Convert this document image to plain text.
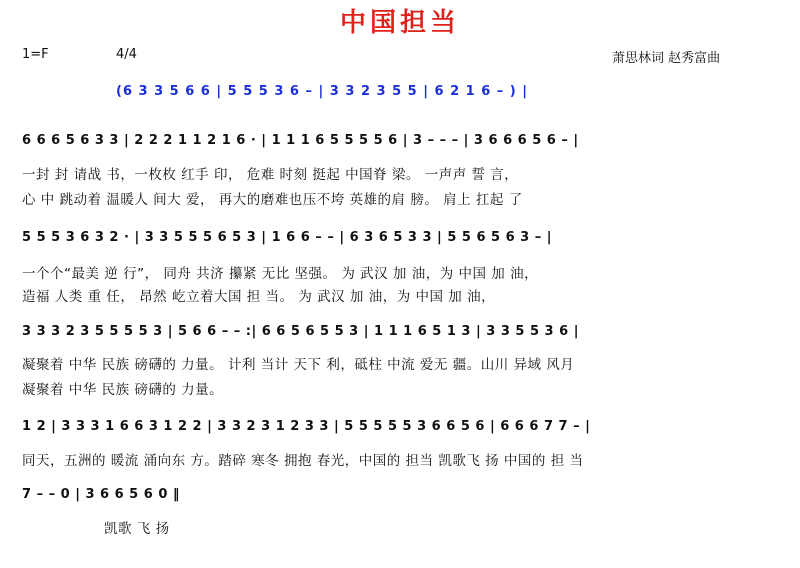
中国担当
1=F	4/4	萧思林词 赵秀富曲
(6 3 3 5 6 6 | 5 5 5 3 6 – | 3 3 2 3 5 5 | 6 2 1 6 – ) |
6 6 6 5 6 3 3 | 2 2 2 1 1 2 1 6 · | 1 1 1 6 5 5 5 5 6 | 3 – – – | 3 6 6 6 5 6 – |
一封 封 请战 书，一枚枚 红手 印， 危难 时刻 挺起 中国脊 梁。 一声声 誓 言，
心 中 跳动着 温暖人 间大 爱， 再大的磨难也压不垮 英雄的肩 膀。 肩上 扛起 了
5 5 5 3 6 3 2 · | 3 3 5 5 5 6 5 3 | 1 6 6 – – | 6 3 6 5 3 3 | 5 5 6 5 6 3 – |
一个个“最美 逆 行”， 同舟 共济 攥紧 无比 坚强。 为 武汉 加 油，为 中国 加 油，
造福 人类 重 任， 昂然 屹立着大国 担 当。 为 武汉 加 油，为 中国 加 油，
3 3 3 2 3 5 5 5 5 3 | 5 6 6 – – :| 6 6 5 6 5 5 3 | 1 1 1 6 5 1 3 | 3 3 5 5 3 6 |
凝聚着 中华 民族 磅礴的 力量。 计利 当计 天下 利，砥柱 中流 爱无 疆。山川 异域 风月
凝聚着 中华 民族 磅礴的 力量。
1 2 | 3 3 3 1 6 6 3 1 2 2 | 3 3 2 3 1 2 3 3 | 5 5 5 5 5 3 6 6 5 6 | 6 6 6 7 7 – |
同天，五洲的 暖流 涌向东 方。踏碎 寒冬 拥抱 春光，中国的 担当 凯歌飞 扬 中国的 担 当
7 – – 0 | 3 6 6 5 6 0 ‖
凯歌 飞 扬
